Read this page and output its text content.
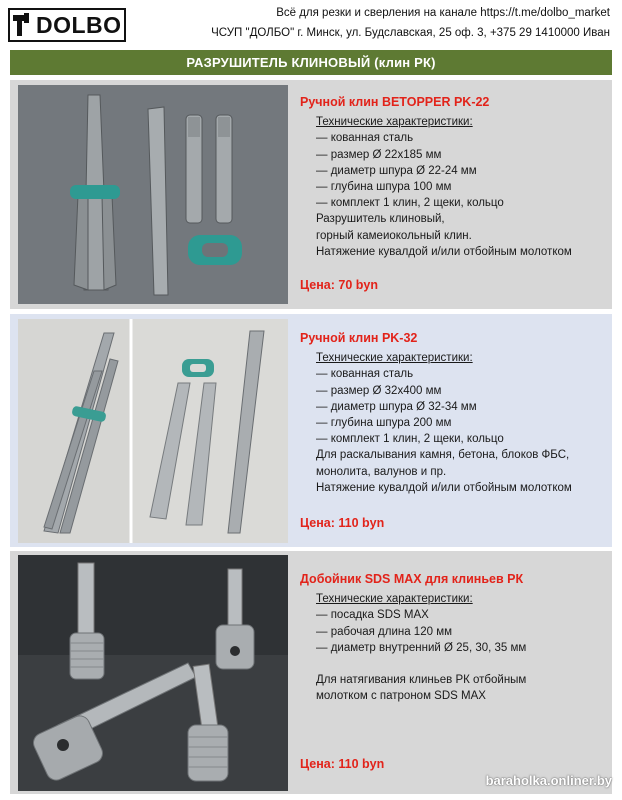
DOLBO	Всё для резки и сверления на канале https://t.me/dolbo_market
ЧСУП "ДОЛБО" г. Минск, ул. Будславская, 25 оф. 3, +375 29 1410000 Иван
РАЗРУШИТЕЛЬ КЛИНОВЫЙ (клин РК)
Ручной клин BETOPPER PK-22
Технические характеристики:
— кованная сталь
— размер Ø 22х185 мм
— диаметр шпура Ø 22-24 мм
— глубина шпура 100 мм
— комплект 1 клин, 2 щеки, кольцо
Разрушитель клиновый,
горный камеиокольный клин.
Натяжение кувалдой и/или отбойным молотком
Цена: 70 byn
Ручной клин PK-32
Технические характеристики:
— кованная сталь
— размер Ø 32х400 мм
— диаметр шпура Ø 32-34 мм
— глубина шпура 200 мм
— комплект 1 клин, 2 щеки, кольцо
Для раскалывания камня, бетона, блоков ФБС,
монолита, валунов и пр.
Натяжение кувалдой и/или отбойным молотком
Цена: 110 byn
Добойник SDS MAX для клиньев РК
Технические характеристики:
— посадка SDS MAX
— рабочая длина 120 мм
— диаметр внутренний Ø 25, 30, 35 мм
Для натягивания клиньев РК отбойным
молотком с патроном SDS MAX
Цена: 110 byn
baraholka.onliner.by
